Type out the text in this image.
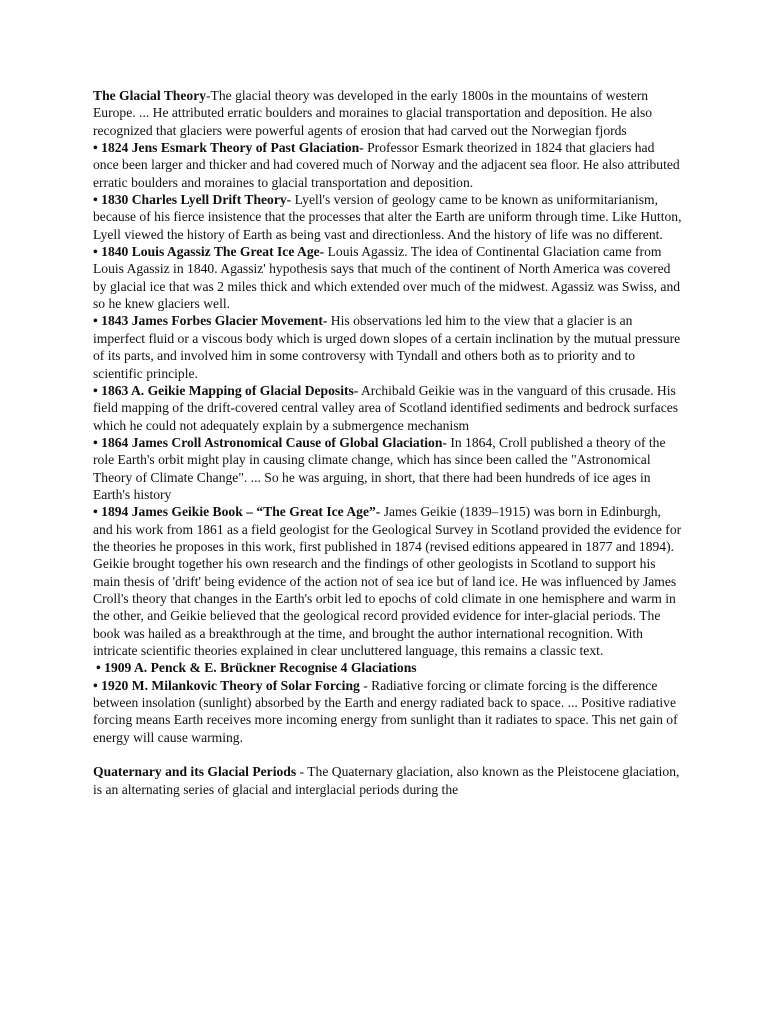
The Glacial Theory-The glacial theory was developed in the early 1800s in the mountains of western Europe. ... He attributed erratic boulders and moraines to glacial transportation and deposition. He also recognized that glaciers were powerful agents of erosion that had carved out the Norwegian fjords

• 1824 Jens Esmark Theory of Past Glaciation- Professor Esmark theorized in 1824 that glaciers had once been larger and thicker and had covered much of Norway and the adjacent sea floor. He also attributed erratic boulders and moraines to glacial transportation and deposition.

• 1830 Charles Lyell Drift Theory- Lyell's version of geology came to be known as uniformitarianism, because of his fierce insistence that the processes that alter the Earth are uniform through time. Like Hutton, Lyell viewed the history of Earth as being vast and directionless. And the history of life was no different.

• 1840 Louis Agassiz The Great Ice Age- Louis Agassiz. The idea of Continental Glaciation came from Louis Agassiz in 1840. Agassiz' hypothesis says that much of the continent of North America was covered by glacial ice that was 2 miles thick and which extended over much of the midwest. Agassiz was Swiss, and so he knew glaciers well.

• 1843 James Forbes Glacier Movement- His observations led him to the view that a glacier is an imperfect fluid or a viscous body which is urged down slopes of a certain inclination by the mutual pressure of its parts, and involved him in some controversy with Tyndall and others both as to priority and to scientific principle.

• 1863 A. Geikie Mapping of Glacial Deposits- Archibald Geikie was in the vanguard of this crusade. His field mapping of the drift-covered central valley area of Scotland identified sediments and bedrock surfaces which he could not adequately explain by a submergence mechanism

• 1864 James Croll Astronomical Cause of Global Glaciation- In 1864, Croll published a theory of the role Earth's orbit might play in causing climate change, which has since been called the "Astronomical Theory of Climate Change". ... So he was arguing, in short, that there had been hundreds of ice ages in Earth's history

• 1894 James Geikie Book – “The Great Ice Age”- James Geikie (1839–1915) was born in Edinburgh, and his work from 1861 as a field geologist for the Geological Survey in Scotland provided the evidence for the theories he proposes in this work, first published in 1874 (revised editions appeared in 1877 and 1894). Geikie brought together his own research and the findings of other geologists in Scotland to support his main thesis of 'drift' being evidence of the action not of sea ice but of land ice. He was influenced by James Croll's theory that changes in the Earth's orbit led to epochs of cold climate in one hemisphere and warm in the other, and Geikie believed that the geological record provided evidence for inter-glacial periods. The book was hailed as a breakthrough at the time, and brought the author international recognition. With intricate scientific theories explained in clear uncluttered language, this remains a classic text.

• 1909 A. Penck & E. Brückner Recognise 4 Glaciations

• 1920 M. Milankovic Theory of Solar Forcing - Radiative forcing or climate forcing is the difference between insolation (sunlight) absorbed by the Earth and energy radiated back to space. ... Positive radiative forcing means Earth receives more incoming energy from sunlight than it radiates to space. This net gain of energy will cause warming.

Quaternary and its Glacial Periods - The Quaternary glaciation, also known as the Pleistocene glaciation, is an alternating series of glacial and interglacial periods during the
